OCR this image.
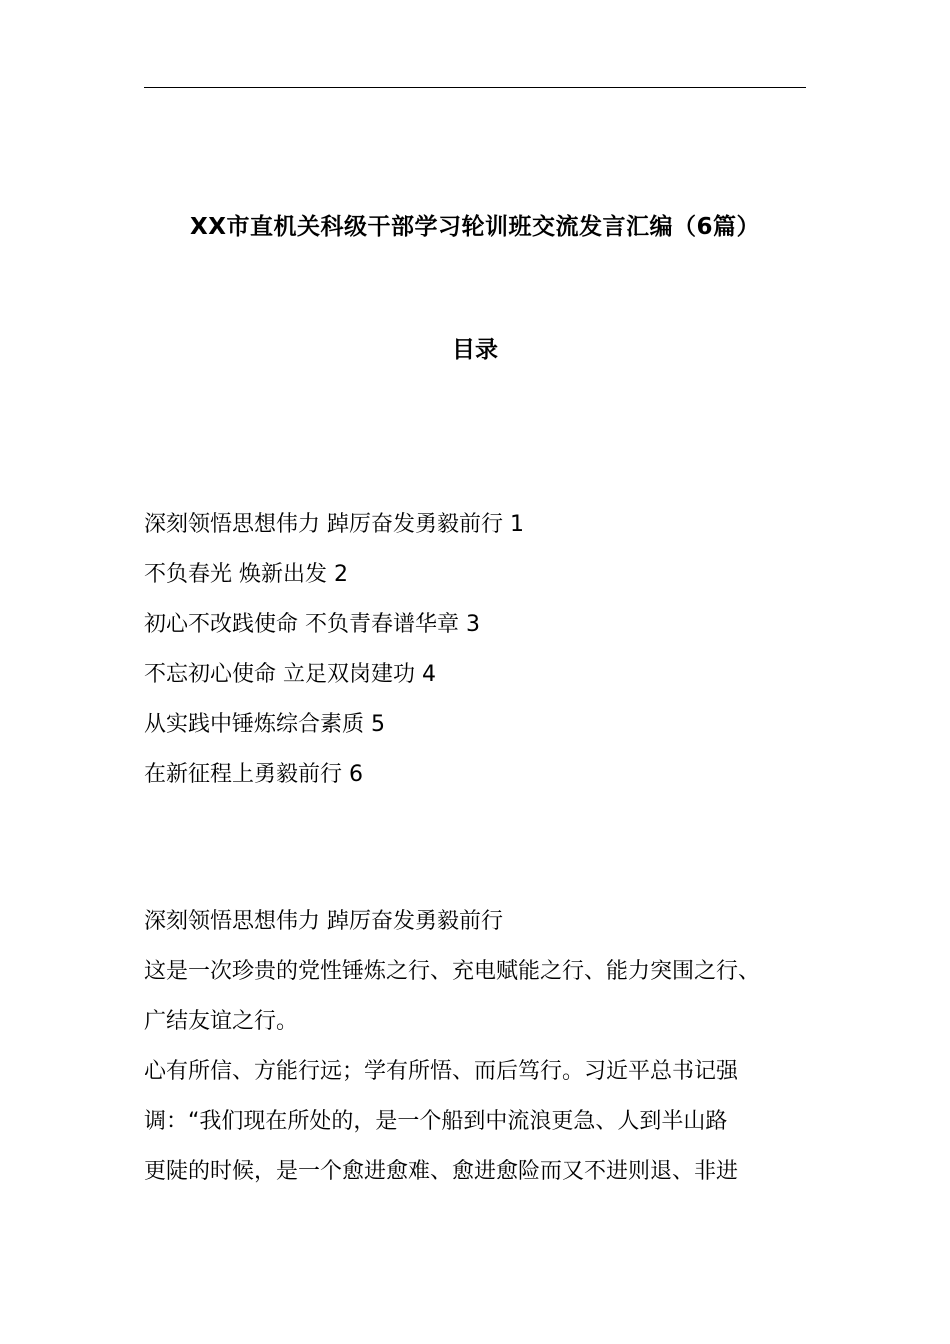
XX市直机关科级干部学习轮训班交流发言汇编（6篇）
目录
深刻领悟思想伟力 踔厉奋发勇毅前行 1
不负春光 焕新出发 2
初心不改践使命 不负青春谱华章 3
不忘初心使命 立足双岗建功 4
从实践中锤炼综合素质 5
在新征程上勇毅前行 6
深刻领悟思想伟力 踔厉奋发勇毅前行
这是一次珍贵的党性锤炼之行、充电赋能之行、能力突围之行、
广结友谊之行。
心有所信、方能行远；学有所悟、而后笃行。习近平总书记强
调：“我们现在所处的，是一个船到中流浪更急、人到半山路
更陡的时候，是一个愈进愈难、愈进愈险而又不进则退、非进
